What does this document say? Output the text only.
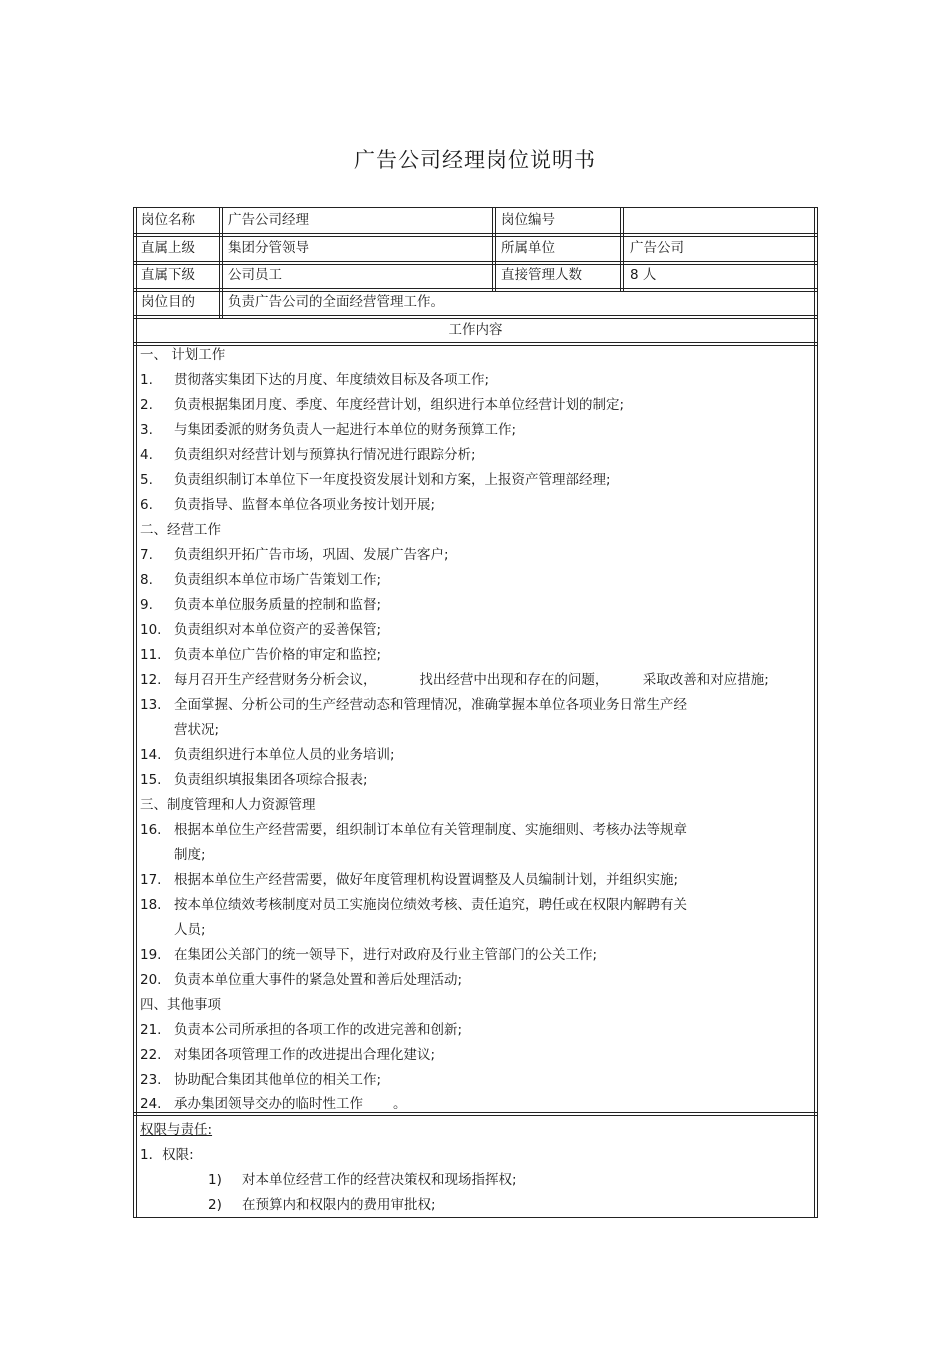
广告公司经理岗位说明书
岗位名称 广告公司经理	岗位编号
直属上级 集团分管领导	所属单位	广告公司
直属下级 公司员工	直接管理人数	8 人
岗位目的 负责广告公司的全面经营管理工作。
工作内容
一、 计划工作
1. 贯彻落实集团下达的月度、年度绩效目标及各项工作;
2. 负责根据集团月度、季度、年度经营计划，组织进行本单位经营计划的制定;
3. 与集团委派的财务负责人一起进行本单位的财务预算工作;
4. 负责组织对经营计划与预算执行情况进行跟踪分析;
5. 负责组织制订本单位下一年度投资发展计划和方案，上报资产管理部经理;
6. 负责指导、监督本单位各项业务按计划开展;
二、经营工作
7. 负责组织开拓广告市场，巩固、发展广告客户;
8. 负责组织本单位市场广告策划工作;
9. 负责本单位服务质量的控制和监督;
10. 负责组织对本单位资产的妥善保管;
11. 负责本单位广告价格的审定和监控;
12. 每月召开生产经营财务分析会议，          找出经营中出现和存在的问题，        采取改善和对应措施;
13. 全面掌握、分析公司的生产经营动态和管理情况，准确掌握本单位各项业务日常生产经
营状况;
14. 负责组织进行本单位人员的业务培训;
15. 负责组织填报集团各项综合报表;
三、制度管理和人力资源管理
16. 根据本单位生产经营需要，组织制订本单位有关管理制度、实施细则、考核办法等规章
制度;
17. 根据本单位生产经营需要，做好年度管理机构设置调整及人员编制计划，并组织实施;
18. 按本单位绩效考核制度对员工实施岗位绩效考核、责任追究，聘任或在权限内解聘有关
人员;
19. 在集团公关部门的统一领导下，进行对政府及行业主管部门的公关工作;
20. 负责本单位重大事件的紧急处置和善后处理活动;
四、其他事项
21. 负责本公司所承担的各项工作的改进完善和创新;
22. 对集团各项管理工作的改进提出合理化建议;
23. 协助配合集团其他单位的相关工作;
24. 承办集团领导交办的临时性工作       。
权限与责任:
1．权限:
1) 对本单位经营工作的经营决策权和现场指挥权;
2) 在预算内和权限内的费用审批权;
